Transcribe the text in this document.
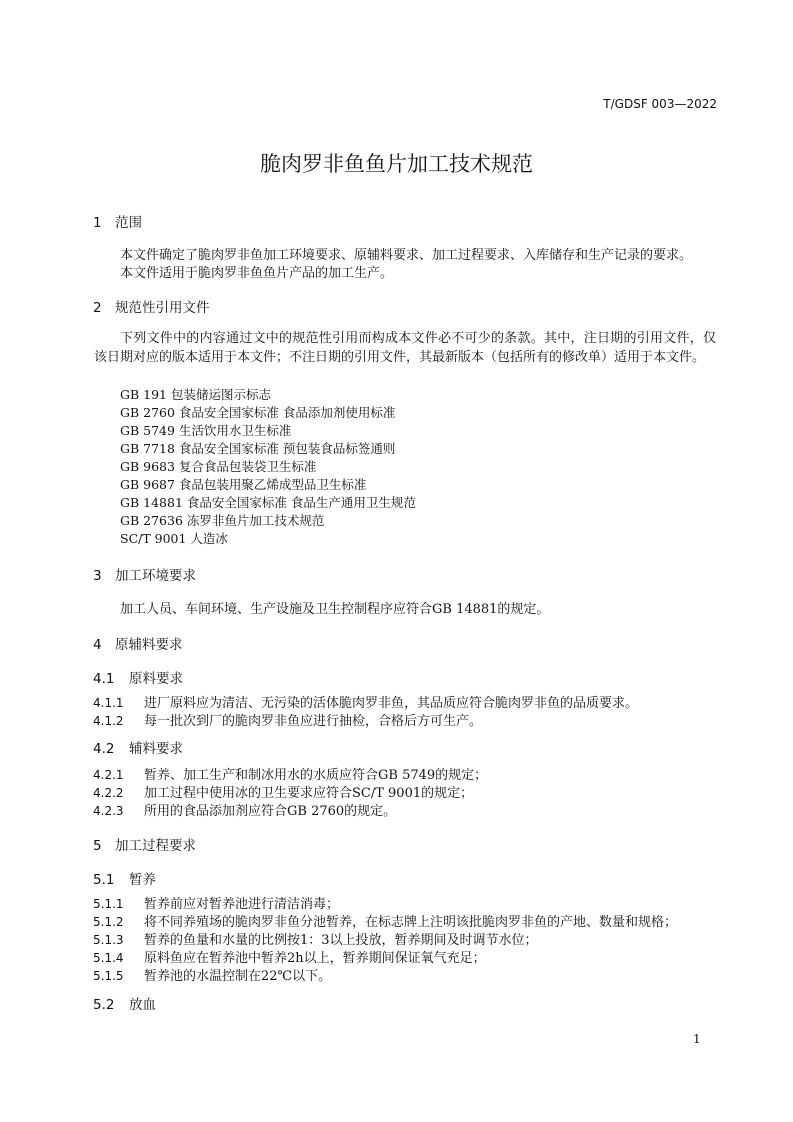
T/GDSF 003—2022
脆肉罗非鱼鱼片加工技术规范
1 范围
本文件确定了脆肉罗非鱼加工环境要求、原辅料要求、加工过程要求、入库储存和生产记录的要求。
本文件适用于脆肉罗非鱼鱼片产品的加工生产。
2 规范性引用文件
下列文件中的内容通过文中的规范性引用而构成本文件必不可少的条款。其中，注日期的引用文件，仅该日期对应的版本适用于本文件；不注日期的引用文件，其最新版本（包括所有的修改单）适用于本文件。
GB 191 包装储运图示标志
GB 2760 食品安全国家标准 食品添加剂使用标准
GB 5749 生活饮用水卫生标准
GB 7718 食品安全国家标准 预包装食品标签通则
GB 9683 复合食品包装袋卫生标准
GB 9687 食品包装用聚乙烯成型品卫生标准
GB 14881 食品安全国家标准 食品生产通用卫生规范
GB 27636 冻罗非鱼片加工技术规范
SC/T 9001 人造冰
3 加工环境要求
加工人员、车间环境、生产设施及卫生控制程序应符合GB 14881的规定。
4 原辅料要求
4.1 原料要求
4.1.1 进厂原料应为清洁、无污染的活体脆肉罗非鱼，其品质应符合脆肉罗非鱼的品质要求。
4.1.2 每一批次到厂的脆肉罗非鱼应进行抽检，合格后方可生产。
4.2 辅料要求
4.2.1 暂养、加工生产和制冰用水的水质应符合GB 5749的规定；
4.2.2 加工过程中使用冰的卫生要求应符合SC/T 9001的规定；
4.2.3 所用的食品添加剂应符合GB 2760的规定。
5 加工过程要求
5.1 暂养
5.1.1 暂养前应对暂养池进行清洁消毒；
5.1.2 将不同养殖场的脆肉罗非鱼分池暂养，在标志牌上注明该批脆肉罗非鱼的产地、数量和规格；
5.1.3 暂养的鱼量和水量的比例按1：3以上投放，暂养期间及时调节水位；
5.1.4 原料鱼应在暂养池中暂养2h以上，暂养期间保证氧气充足；
5.1.5 暂养池的水温控制在22℃以下。
5.2 放血
1
